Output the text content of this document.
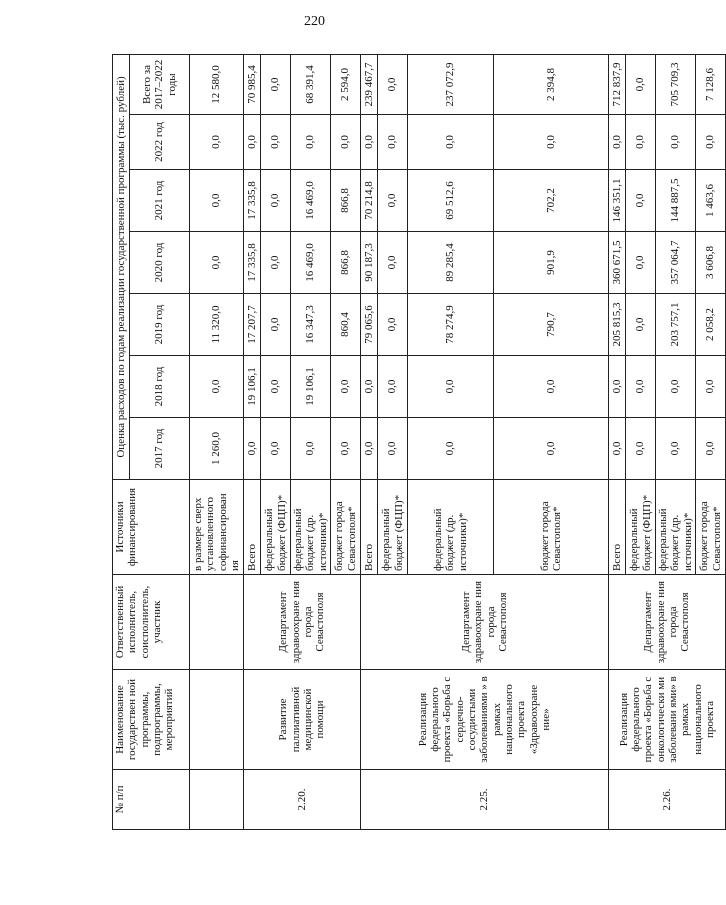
220
№ п/п	Наименование государствен ной программы, подпрограммы, мероприятий	Ответственный исполнитель, соисполнитель, участник	Источники финансирования	Оценка расходов по годам реализации государственной программы (тыс. рублей)						
				2017 год	2018 год	2019 год	2020 год	2021 год	2022 год	Всего за 2017–2022 годы
			в размере сверх установленного софинансирован ия	1 260,0	0,0	11 320,0	0,0	0,0	0,0	12 580,0
2.20.	Развитие паллиативной медицинской помощи	Департамент здравоохране ния города Севастополя	Всего	0,0	19 106,1	17 207,7	17 335,8	17 335,8	0,0	70 985,4
			федеральный бюджет (ФЦП)*	0,0	0,0	0,0	0,0	0,0	0,0	0,0
			федеральный бюджет (др. источники)*	0,0	19 106,1	16 347,3	16 469,0	16 469,0	0,0	68 391,4
			бюджет города Севастополя*	0,0	0,0	860,4	866,8	866,8	0,0	2 594,0
2.25.	Реализация федерального проекта «Борьба с сердечно-сосудистыми заболеваниями » в рамках национального проекта «Здравоохране ние»	Департамент здравоохране ния города Севастополя	Всего	0,0	0,0	79 065,6	90 187,3	70 214,8	0,0	239 467,7
			федеральный бюджет (ФЦП)*	0,0	0,0	0,0	0,0	0,0	0,0	0,0
			федеральный бюджет (др. источники)*	0,0	0,0	78 274,9	89 285,4	69 512,6	0,0	237 072,9
			бюджет города Севастополя*	0,0	0,0	790,7	901,9	702,2	0,0	2 394,8
2.26.	Реализация федерального проекта «Борьба с онкологически ми заболевани ями» в рамках национального проекта	Департамент здравоохране ния города Севастополя	Всего	0,0	0,0	205 815,3	360 671,5	146 351,1	0,0	712 837,9
			федеральный бюджет (ФЦП)*	0,0	0,0	0,0	0,0	0,0	0,0	0,0
			федеральный бюджет (др. источники)*	0,0	0,0	203 757,1	357 064,7	144 887,5	0,0	705 709,3
			бюджет города Севастополя*	0,0	0,0	2 058,2	3 606,8	1 463,6	0,0	7 128,6
